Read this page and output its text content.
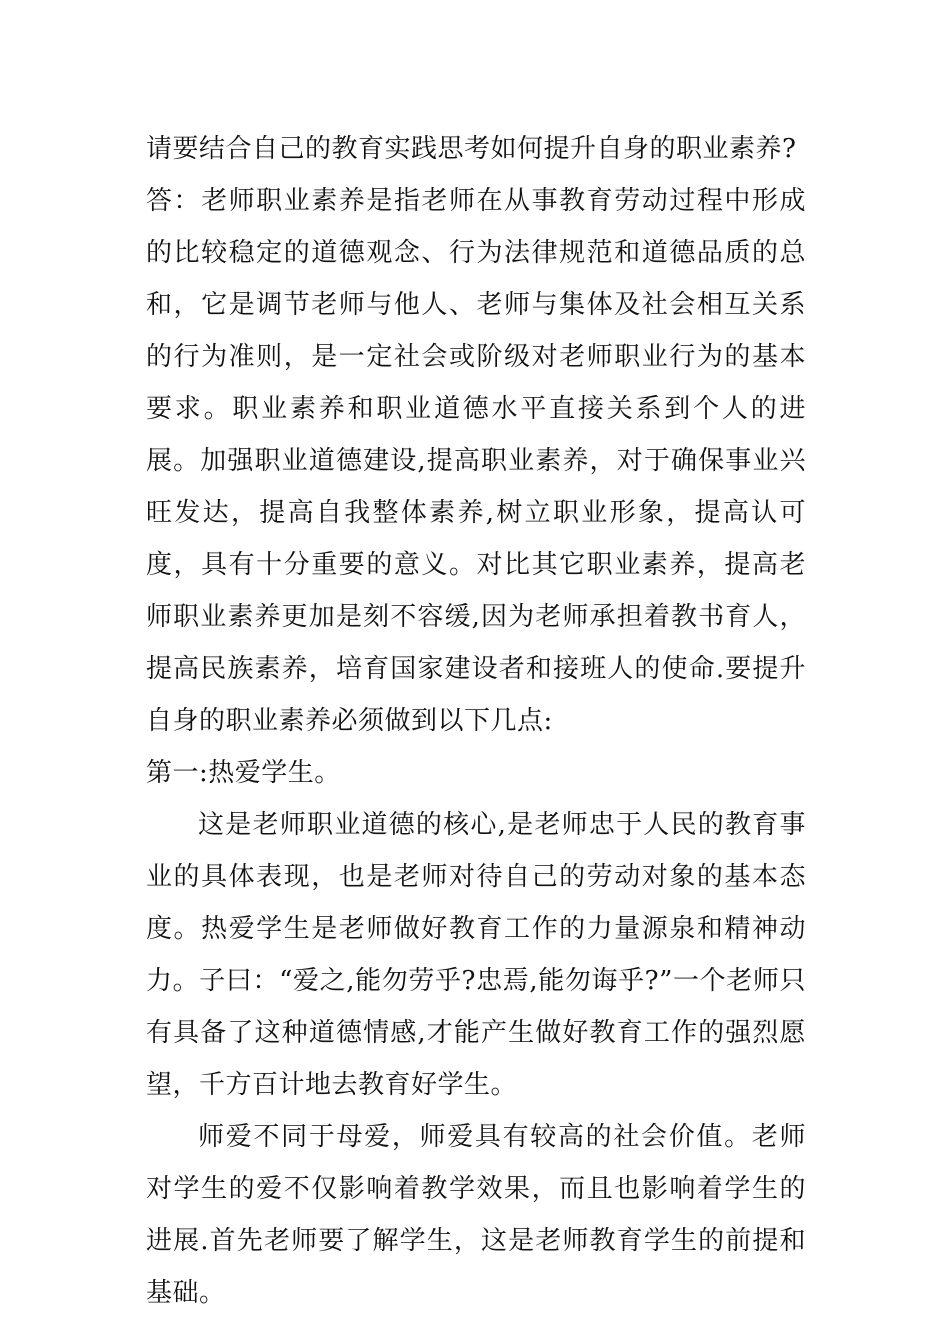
请要结合自己的教育实践思考如何提升自身的职业素养?

答：老师职业素养是指老师在从事教育劳动过程中形成的比较稳定的道德观念、行为法律规范和道德品质的总和，它是调节老师与他人、老师与集体及社会相互关系的行为准则，是一定社会或阶级对老师职业行为的基本要求。职业素养和职业道德水平直接关系到个人的进展。加强职业道德建设,提高职业素养，对于确保事业兴旺发达，提高自我整体素养,树立职业形象，提高认可度，具有十分重要的意义。对比其它职业素养，提高老师职业素养更加是刻不容缓,因为老师承担着教书育人，提高民族素养，培育国家建设者和接班人的使命.要提升自身的职业素养必须做到以下几点:

第一:热爱学生。

这是老师职业道德的核心,是老师忠于人民的教育事业的具体表现，也是老师对待自己的劳动对象的基本态度。热爱学生是老师做好教育工作的力量源泉和精神动力。子曰：“爱之,能勿劳乎?忠焉,能勿诲乎?”一个老师只有具备了这种道德情感,才能产生做好教育工作的强烈愿望，千方百计地去教育好学生。

师爱不同于母爱，师爱具有较高的社会价值。老师对学生的爱不仅影响着教学效果，而且也影响着学生的进展.首先老师要了解学生，这是老师教育学生的前提和基础。
